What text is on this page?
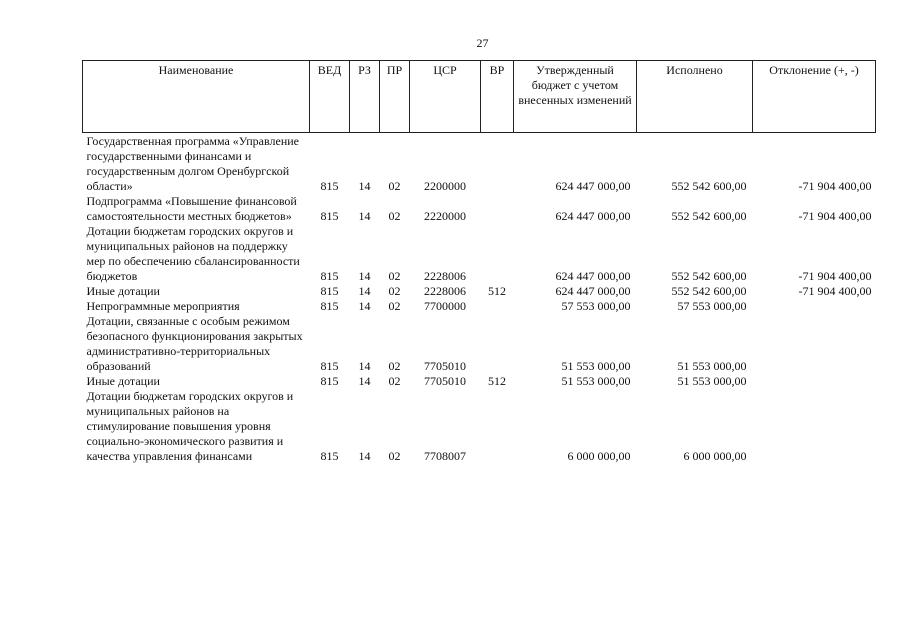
27
Наименование	ВЕД	РЗ	ПР	ЦСР	ВР	Утвержденный бюджет с учетом внесенных изменений	Исполнено	Отклонение (+, -)
Государственная программа «Управление государственными финансами и государственным долгом Оренбургской области»	815	14	02	2200000		624 447 000,00	552 542 600,00	-71 904 400,00
Подпрограмма «Повышение финансовой самостоятельности местных бюджетов»	815	14	02	2220000		624 447 000,00	552 542 600,00	-71 904 400,00
Дотации бюджетам городских округов и муниципальных районов на поддержку мер по обеспечению сбалансированности бюджетов	815	14	02	2228006		624 447 000,00	552 542 600,00	-71 904 400,00
Иные дотации	815	14	02	2228006	512	624 447 000,00	552 542 600,00	-71 904 400,00
Непрограммные мероприятия	815	14	02	7700000		57 553 000,00	57 553 000,00	
Дотации, связанные с особым режимом безопасного функционирования закрытых административно-территориальных образований	815	14	02	7705010		51 553 000,00	51 553 000,00	
Иные дотации	815	14	02	7705010	512	51 553 000,00	51 553 000,00	
Дотации бюджетам городских округов и муниципальных районов на стимулирование повышения уровня социально-экономического развития и качества управления финансами	815	14	02	7708007		6 000 000,00	6 000 000,00	
